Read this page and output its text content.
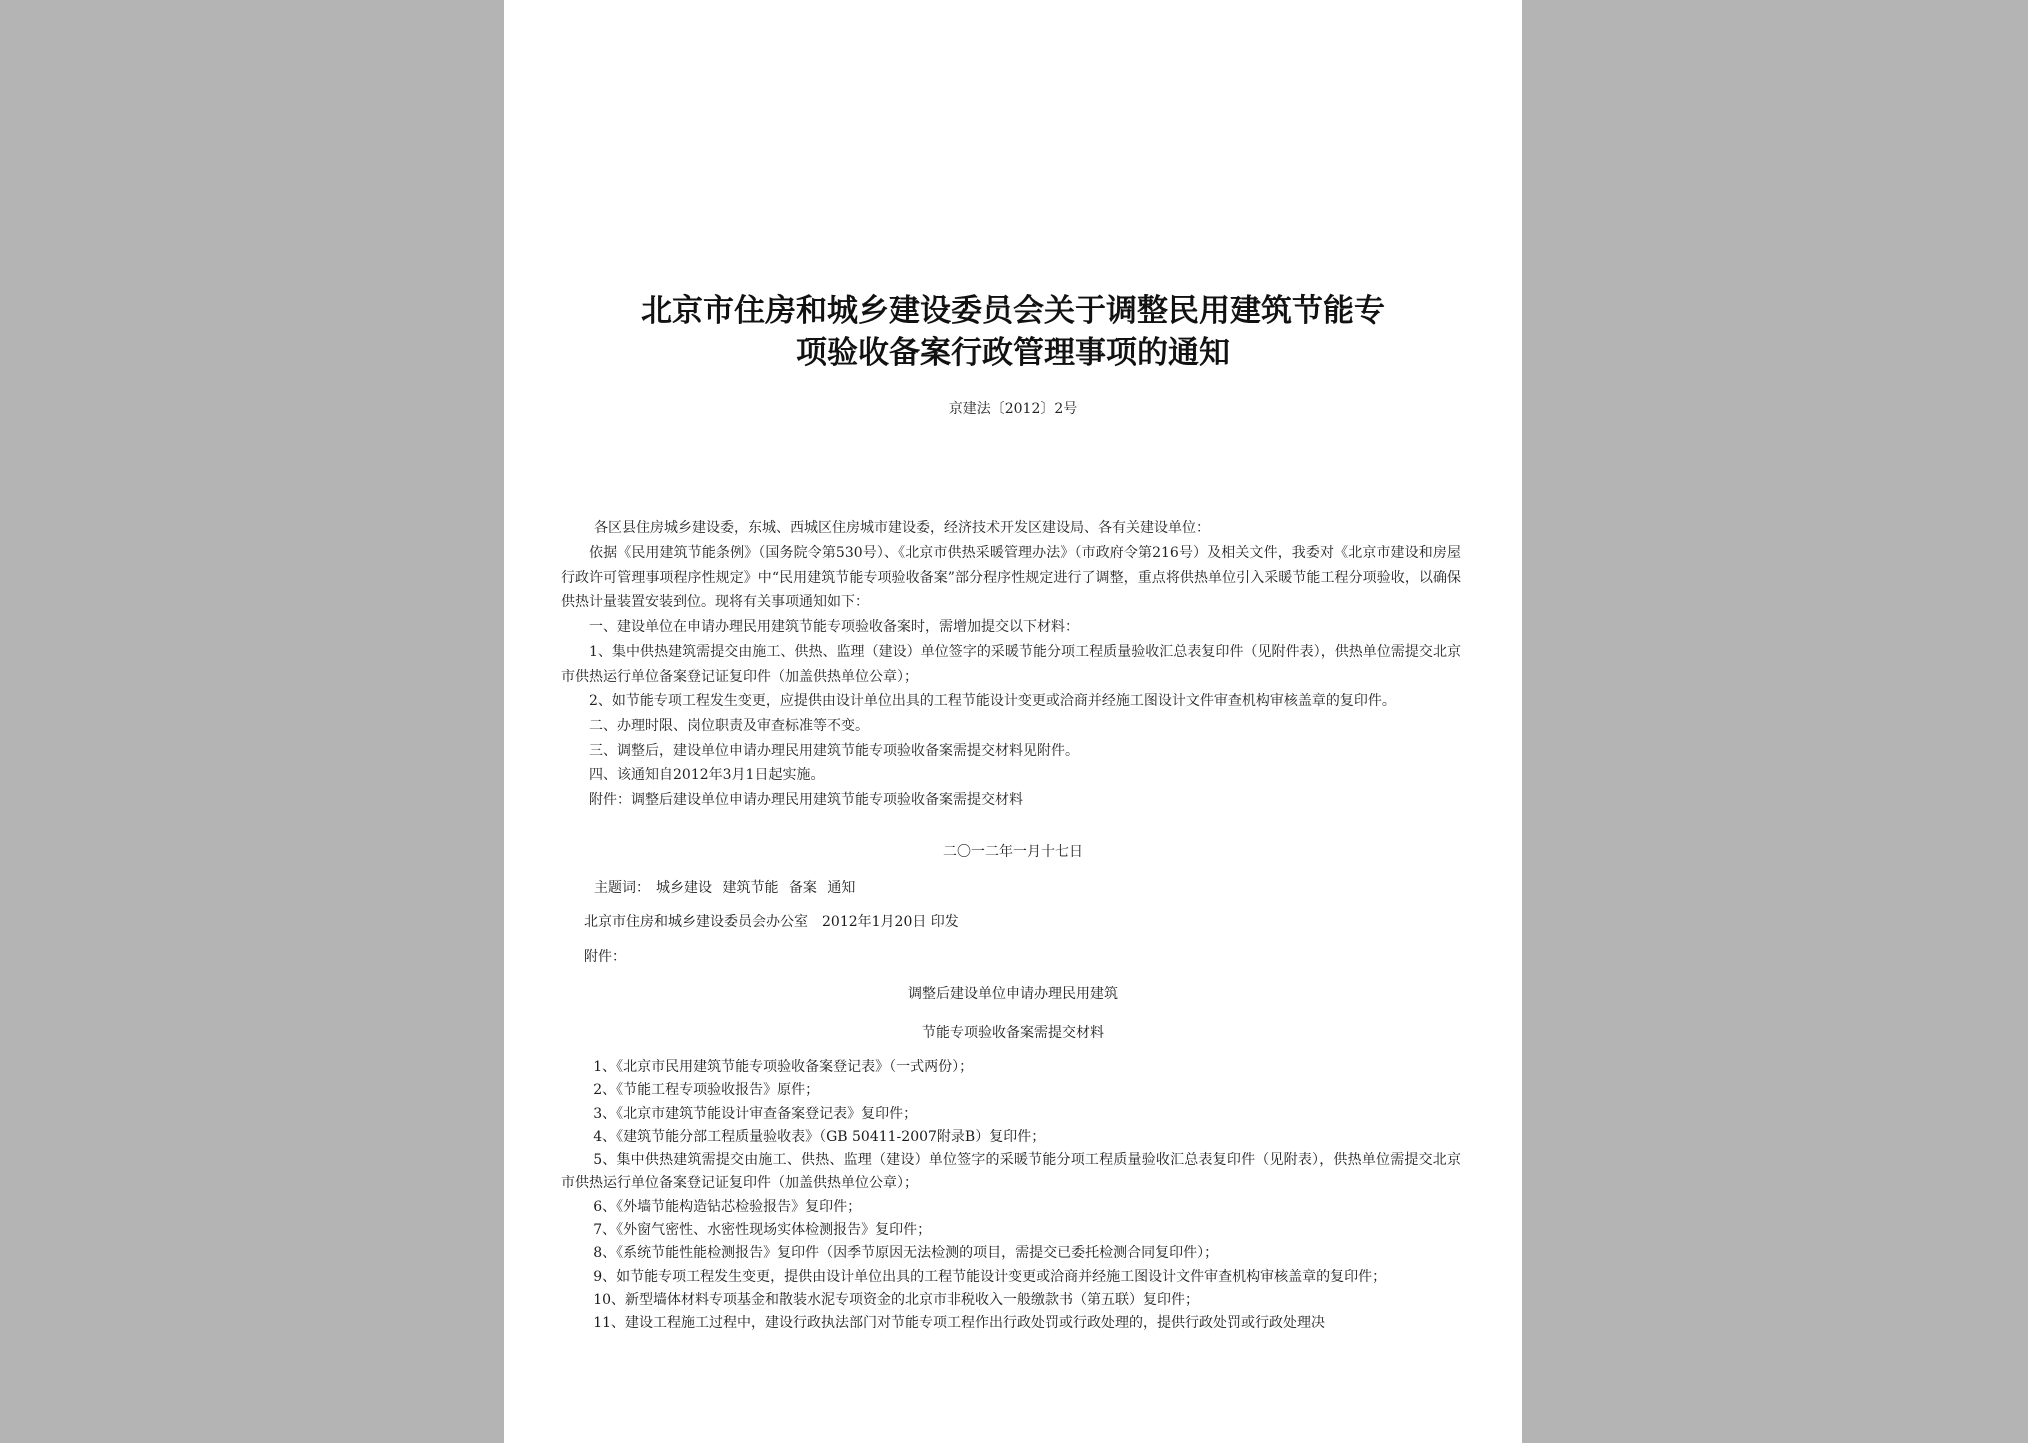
北京市住房和城乡建设委员会关于调整民用建筑节能专
项验收备案行政管理事项的通知
京建法〔2012〕2号
各区县住房城乡建设委，东城、西城区住房城市建设委，经济技术开发区建设局、各有关建设单位：

依据《民用建筑节能条例》（国务院令第530号）、《北京市供热采暖管理办法》（市政府令第216号）及相关文件，我委对《北京市建设和房屋行政许可管理事项程序性规定》中“民用建筑节能专项验收备案”部分程序性规定进行了调整，重点将供热单位引入采暖节能工程分项验收，以确保供热计量装置安装到位。现将有关事项通知如下：

一、建设单位在申请办理民用建筑节能专项验收备案时，需增加提交以下材料：

1、集中供热建筑需提交由施工、供热、监理（建设）单位签字的采暖节能分项工程质量验收汇总表复印件（见附件表），供热单位需提交北京市供热运行单位备案登记证复印件（加盖供热单位公章）；

2、如节能专项工程发生变更，应提供由设计单位出具的工程节能设计变更或洽商并经施工图设计文件审查机构审核盖章的复印件。

二、办理时限、岗位职责及审查标准等不变。

三、调整后，建设单位申请办理民用建筑节能专项验收备案需提交材料见附件。

四、该通知自2012年3月1日起实施。

附件：调整后建设单位申请办理民用建筑节能专项验收备案需提交材料

二〇一二年一月十七日
主题词： 城乡建设 建筑节能 备案 通知
北京市住房和城乡建设委员会办公室　2012年1月20日 印发
附件：
调整后建设单位申请办理民用建筑
节能专项验收备案需提交材料

1、《北京市民用建筑节能专项验收备案登记表》（一式两份）；

2、《节能工程专项验收报告》原件；

3、《北京市建筑节能设计审查备案登记表》复印件；

4、《建筑节能分部工程质量验收表》（GB 50411-2007附录B）复印件；

5、集中供热建筑需提交由施工、供热、监理（建设）单位签字的采暖节能分项工程质量验收汇总表复印件（见附表），供热单位需提交北京市供热运行单位备案登记证复印件（加盖供热单位公章）；

6、《外墙节能构造钻芯检验报告》复印件；

7、《外窗气密性、水密性现场实体检测报告》复印件；

8、《系统节能性能检测报告》复印件（因季节原因无法检测的项目，需提交已委托检测合同复印件）；

9、如节能专项工程发生变更，提供由设计单位出具的工程节能设计变更或洽商并经施工图设计文件审查机构审核盖章的复印件；

10、新型墙体材料专项基金和散装水泥专项资金的北京市非税收入一般缴款书（第五联）复印件；

11、建设工程施工过程中，建设行政执法部门对节能专项工程作出行政处罚或行政处理的，提供行政处罚或行政处理决
